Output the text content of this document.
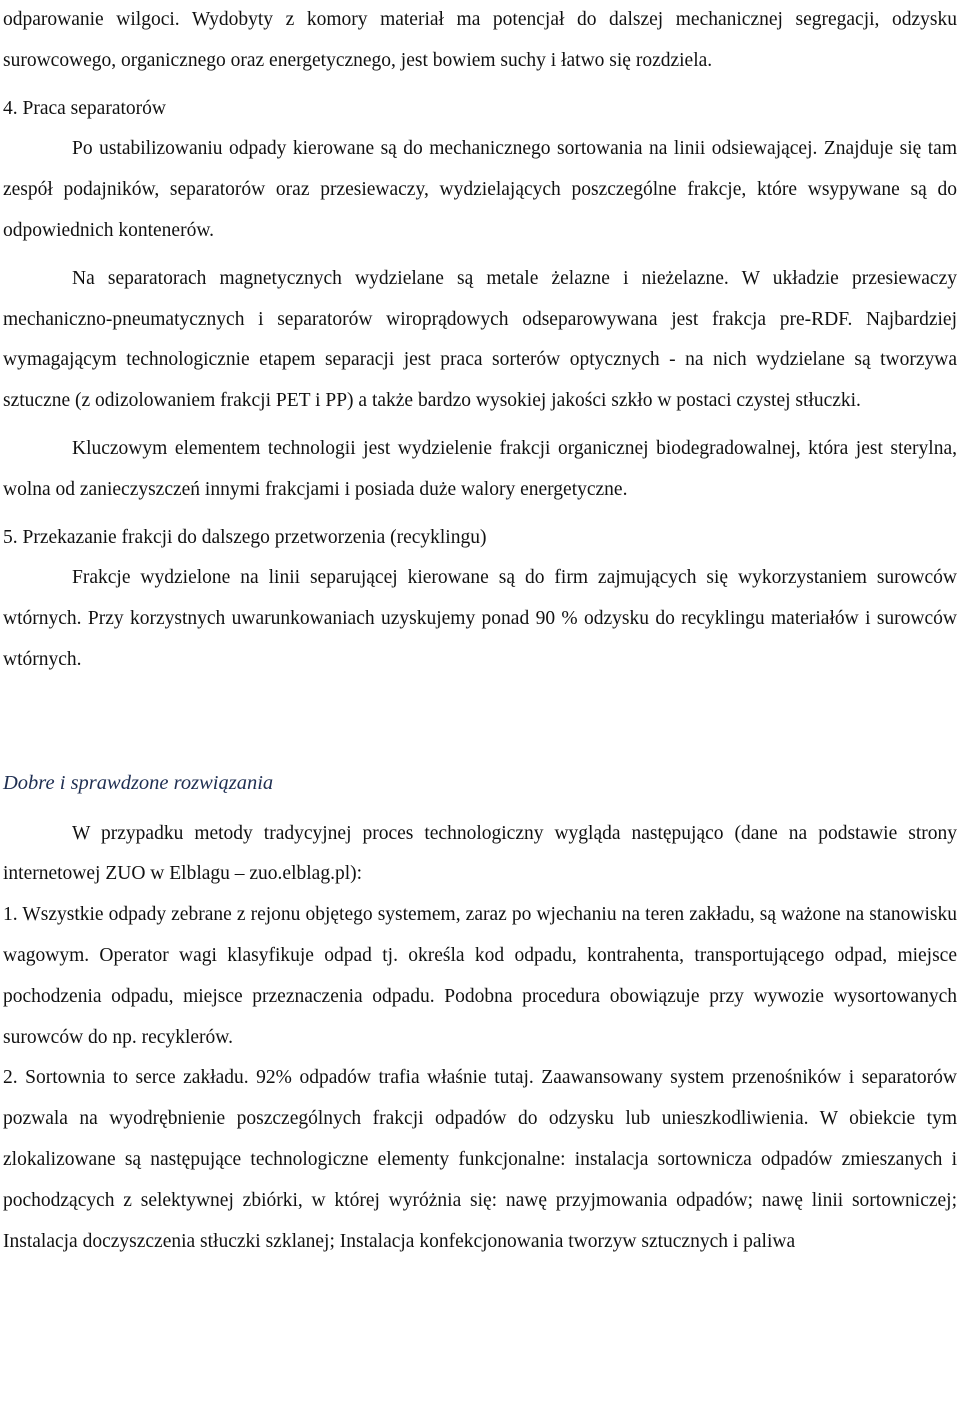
odparowanie wilgoci. Wydobyty z komory materiał ma potencjał do dalszej mechanicznej segregacji, odzysku surowcowego, organicznego oraz energetycznego, jest bowiem suchy i łatwo się rozdziela.

4. Praca separatorów

Po ustabilizowaniu odpady kierowane są do mechanicznego sortowania na linii odsiewającej. Znajduje się tam zespół podajników, separatorów oraz przesiewaczy, wydzielających poszczególne frakcje, które wsypywane są do odpowiednich kontenerów.

Na separatorach magnetycznych wydzielane są metale żelazne i nieżelazne. W układzie przesiewaczy mechaniczno-pneumatycznych i separatorów wiroprądowych odseparowywana jest frakcja pre-RDF. Najbardziej wymagającym technologicznie etapem separacji jest praca sorterów optycznych - na nich wydzielane są tworzywa sztuczne (z odizolowaniem frakcji PET i PP) a także bardzo wysokiej jakości szkło w postaci czystej stłuczki.

Kluczowym elementem technologii jest wydzielenie frakcji organicznej biodegradowalnej, która jest sterylna, wolna od zanieczyszczeń innymi frakcjami i posiada duże walory energetyczne.

5. Przekazanie frakcji do dalszego przetworzenia (recyklingu)

Frakcje wydzielone na linii separującej kierowane są do firm zajmujących się wykorzystaniem surowców wtórnych. Przy korzystnych uwarunkowaniach uzyskujemy ponad 90 % odzysku do recyklingu materiałów i surowców wtórnych.

Dobre i sprawdzone rozwiązania

W przypadku metody tradycyjnej proces technologiczny wygląda następująco (dane na podstawie strony internetowej ZUO w Elblagu – zuo.elblag.pl):

1. Wszystkie odpady zebrane z rejonu objętego systemem, zaraz po wjechaniu na teren zakładu, są ważone na stanowisku wagowym. Operator wagi klasyfikuje odpad tj. określa kod odpadu, kontrahenta, transportującego odpad, miejsce pochodzenia odpadu, miejsce przeznaczenia odpadu. Podobna procedura obowiązuje przy wywozie wysortowanych surowców do np. recyklerów.

2. Sortownia to serce zakładu. 92% odpadów trafia właśnie tutaj. Zaawansowany system przenośników i separatorów pozwala na wyodrębnienie poszczególnych frakcji odpadów do odzysku lub unieszkodliwienia. W obiekcie tym zlokalizowane są następujące technologiczne elementy funkcjonalne: instalacja sortownicza odpadów zmieszanych i pochodzących z selektywnej zbiórki, w której wyróżnia się: nawę przyjmowania odpadów; nawę linii sortowniczej; Instalacja doczyszczenia stłuczki szklanej; Instalacja konfekcjonowania tworzyw sztucznych i paliwa
